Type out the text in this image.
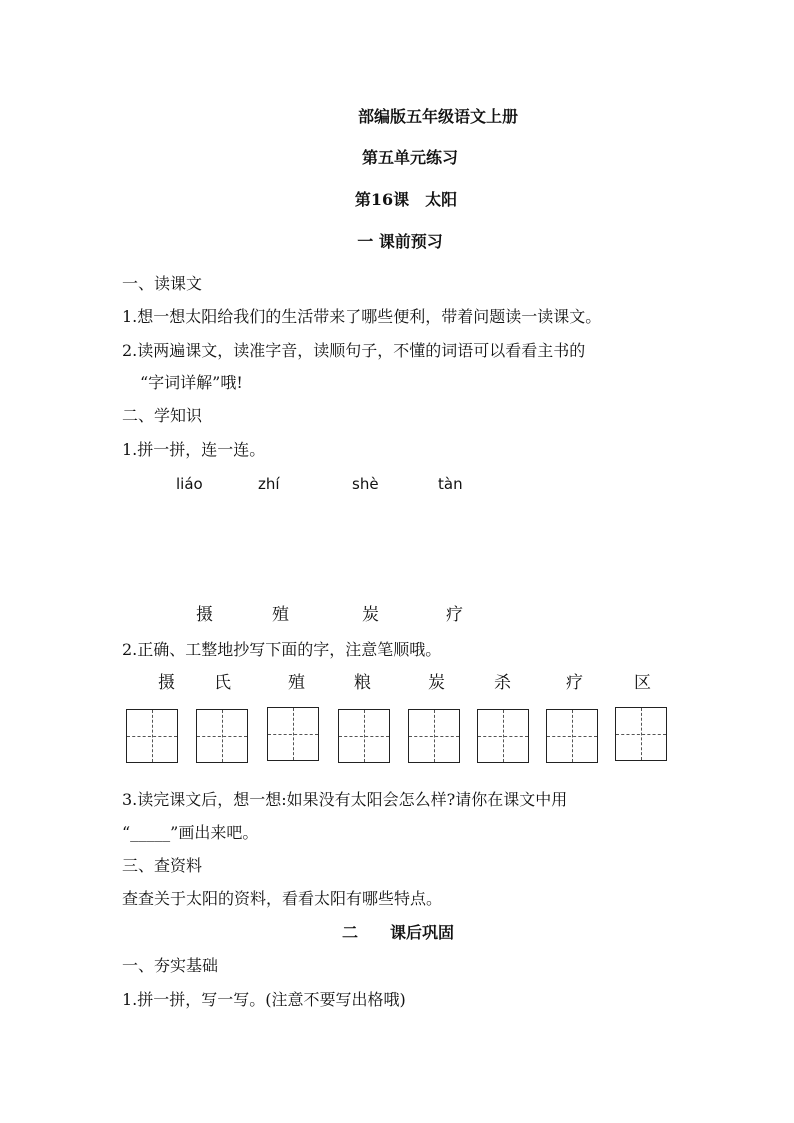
部编版五年级语文上册
第五单元练习
第16课　太阳
一 课前预习
一、读课文
1.想一想太阳给我们的生活带来了哪些便利，带着问题读一读课文。
2.读两遍课文，读准字音，读顺句子，不懂的词语可以看看主书的
“字词详解”哦!
二、学知识
1.拼一拼，连一连。
liáo	zhí	shè	tàn
摄	殖	炭	疗
2.正确、工整地抄写下面的字，注意笔顺哦。
摄 氏	殖	粮	炭	杀	疗	区
3.读完课文后，想一想:如果没有太阳会怎么样?请你在课文中用
“_____”画出来吧。
三、查资料
查查关于太阳的资料，看看太阳有哪些特点。
二　　课后巩固
一、夯实基础
1.拼一拼，写一写。(注意不要写出格哦)
